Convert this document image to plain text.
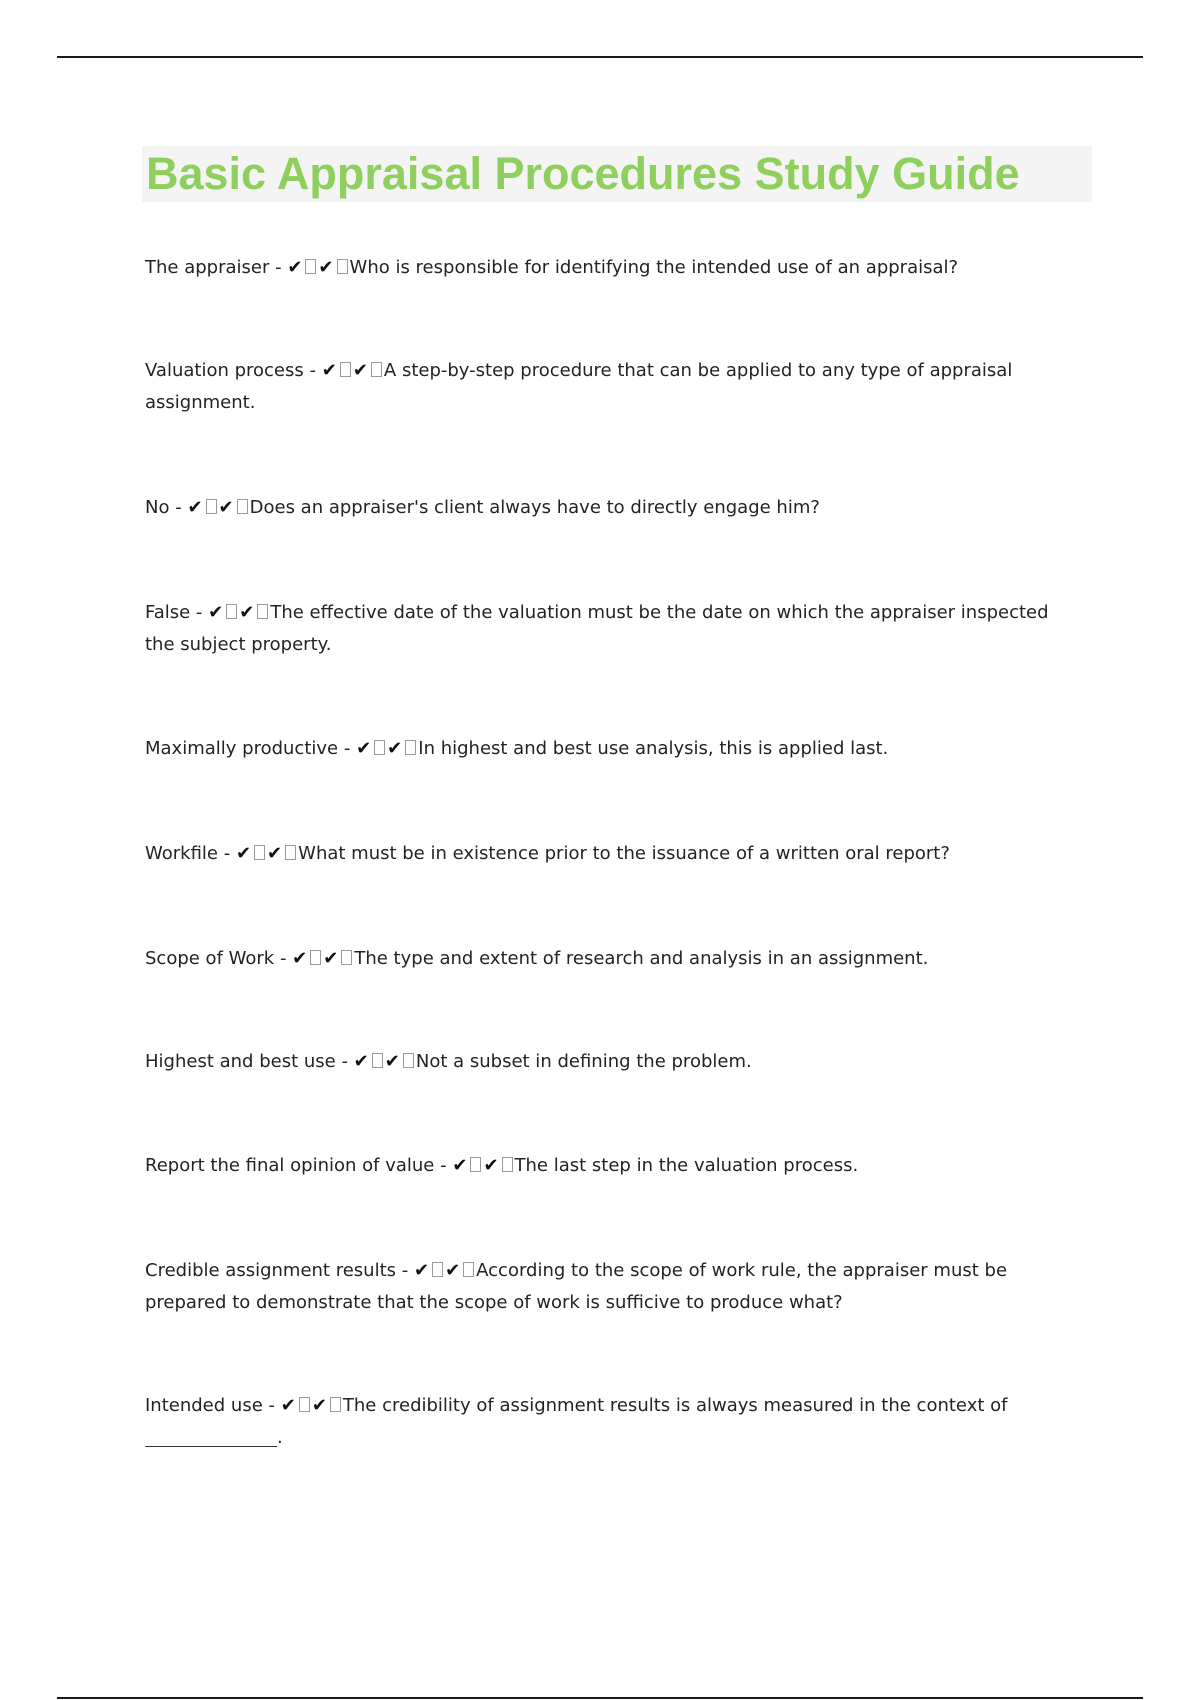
Basic Appraisal Procedures Study Guide

The appraiser - ✔ ✔ Who is responsible for identifying the intended use of an appraisal?

Valuation process - ✔ ✔ A step-by-step procedure that can be applied to any type of appraisal assignment.

No - ✔ ✔ Does an appraiser's client always have to directly engage him?

False - ✔ ✔ The effective date of the valuation must be the date on which the appraiser inspected the subject property.

Maximally productive - ✔ ✔ In highest and best use analysis, this is applied last.

Workfile - ✔ ✔ What must be in existence prior to the issuance of a written oral report?

Scope of Work - ✔ ✔ The type and extent of research and analysis in an assignment.

Highest and best use - ✔ ✔ Not a subset in defining the problem.

Report the final opinion of value - ✔ ✔ The last step in the valuation process.

Credible assignment results - ✔ ✔ According to the scope of work rule, the appraiser must be prepared to demonstrate that the scope of work is sufficive to produce what?

Intended use - ✔ ✔ The credibility of assignment results is always measured in the context of
.
